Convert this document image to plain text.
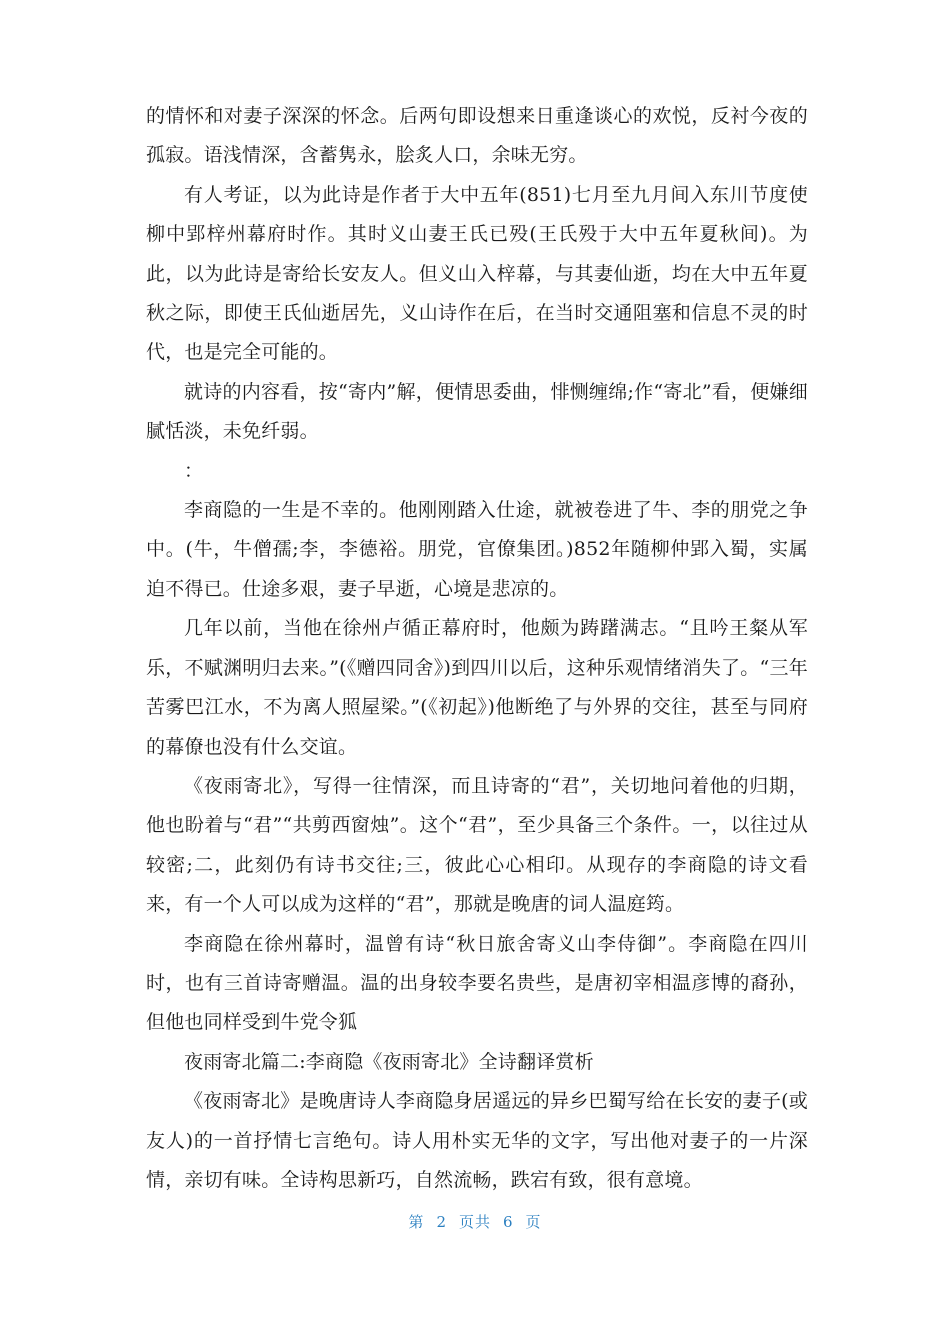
的情怀和对妻子深深的怀念。后两句即设想来日重逢谈心的欢悦，反衬今夜的孤寂。语浅情深，含蓄隽永，脍炙人口，余味无穷。

有人考证，以为此诗是作者于大中五年(851)七月至九月间入东川节度使柳中郢梓州幕府时作。其时义山妻王氏已殁(王氏殁于大中五年夏秋间)。为此，以为此诗是寄给长安友人。但义山入梓幕，与其妻仙逝，均在大中五年夏秋之际，即使王氏仙逝居先，义山诗作在后，在当时交通阻塞和信息不灵的时代，也是完全可能的。

就诗的内容看，按“寄内”解，便情思委曲，悱恻缠绵;作“寄北”看，便嫌细腻恬淡，未免纤弱。

：

李商隐的一生是不幸的。他刚刚踏入仕途，就被卷进了牛、李的朋党之争中。(牛，牛僧孺;李，李德裕。朋党，官僚集团。)852年随柳仲郢入蜀，实属迫不得已。仕途多艰，妻子早逝，心境是悲凉的。

几年以前，当他在徐州卢循正幕府时，他颇为踌躇满志。“且吟王粲从军乐，不赋渊明归去来。”(《赠四同舍》)到四川以后，这种乐观情绪消失了。“三年苦雾巴江水，不为离人照屋梁。”(《初起》)他断绝了与外界的交往，甚至与同府的幕僚也没有什么交谊。

《夜雨寄北》，写得一往情深，而且诗寄的“君”，关切地问着他的归期，他也盼着与“君”“共剪西窗烛”。这个“君”，至少具备三个条件。一，以往过从较密;二，此刻仍有诗书交往;三，彼此心心相印。从现存的李商隐的诗文看来，有一个人可以成为这样的“君”，那就是晚唐的词人温庭筠。

李商隐在徐州幕时，温曾有诗“秋日旅舍寄义山李侍御”。李商隐在四川时，也有三首诗寄赠温。温的出身较李要名贵些，是唐初宰相温彦博的裔孙，但他也同样受到牛党令狐

夜雨寄北篇二:李商隐《夜雨寄北》全诗翻译赏析

《夜雨寄北》是晚唐诗人李商隐身居遥远的异乡巴蜀写给在长安的妻子(或友人)的一首抒情七言绝句。诗人用朴实无华的文字，写出他对妻子的一片深情，亲切有味。全诗构思新巧，自然流畅，跌宕有致，很有意境。

第 2 页共 6 页
